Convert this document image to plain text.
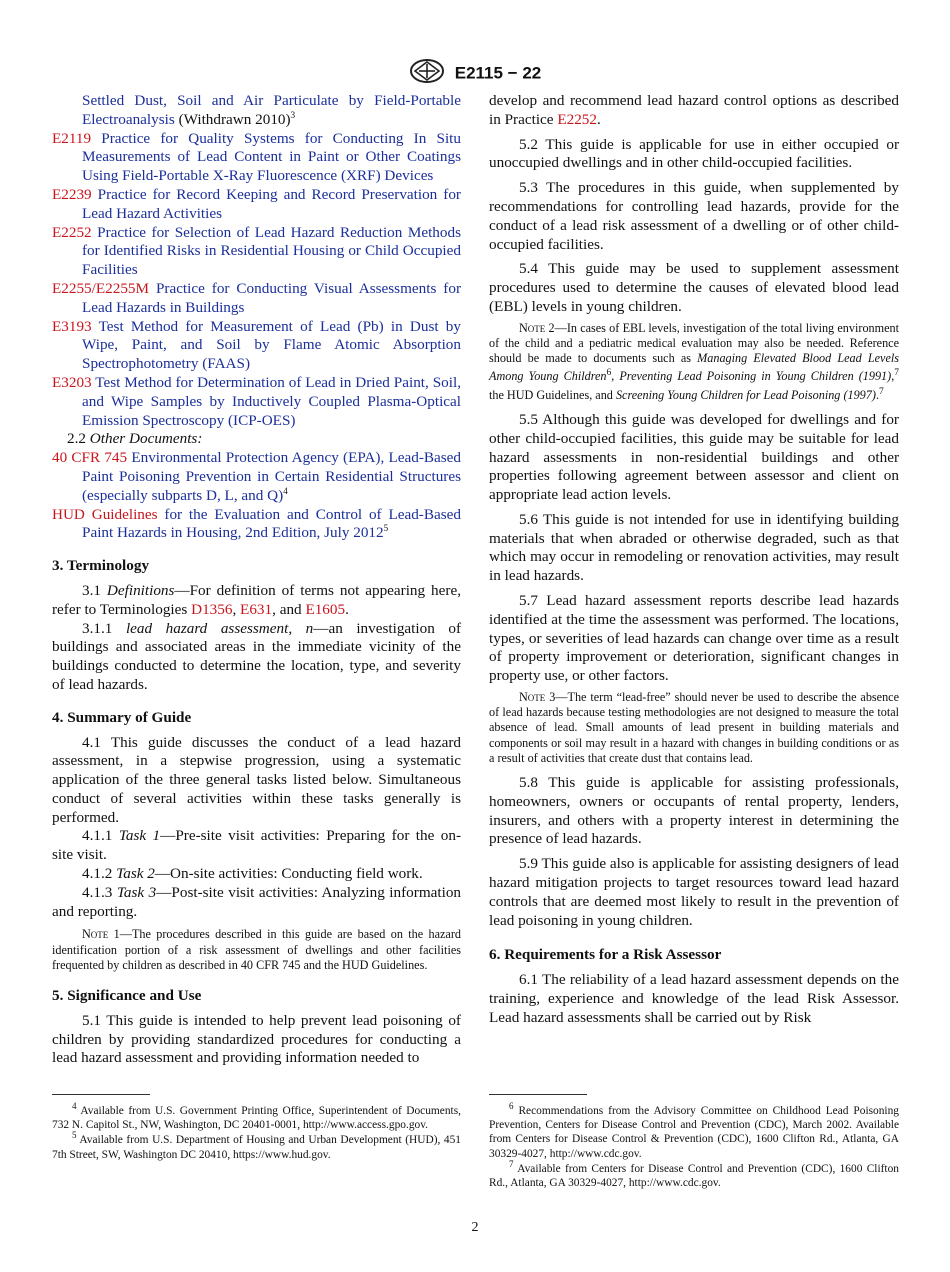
E2115 − 22

Settled Dust, Soil and Air Particulate by Field-Portable Electroanalysis (Withdrawn 2010)$^3$

E2119 Practice for Quality Systems for Conducting In Situ Measurements of Lead Content in Paint or Other Coatings Using Field-Portable X-Ray Fluorescence (XRF) Devices

E2239 Practice for Record Keeping and Record Preservation for Lead Hazard Activities

E2252 Practice for Selection of Lead Hazard Reduction Methods for Identified Risks in Residential Housing or Child Occupied Facilities

E2255/E2255M Practice for Conducting Visual Assessments for Lead Hazards in Buildings

E3193 Test Method for Measurement of Lead (Pb) in Dust by Wipe, Paint, and Soil by Flame Atomic Absorption Spectrophotometry (FAAS)

E3203 Test Method for Determination of Lead in Dried Paint, Soil, and Wipe Samples by Inductively Coupled Plasma-Optical Emission Spectroscopy (ICP-OES)

2.2 Other Documents:

40 CFR 745 Environmental Protection Agency (EPA), Lead-Based Paint Poisoning Prevention in Certain Residential Structures (especially subparts D, L, and Q)$^4$

HUD Guidelines for the Evaluation and Control of Lead-Based Paint Hazards in Housing, 2nd Edition, July 2012$^5$

3. Terminology

3.1 Definitions—For definition of terms not appearing here, refer to Terminologies D1356, E631, and E1605.

3.1.1 lead hazard assessment, n—an investigation of buildings and associated areas in the immediate vicinity of the buildings conducted to determine the location, type, and severity of lead hazards.

4. Summary of Guide

4.1 This guide discusses the conduct of a lead hazard assessment, in a stepwise progression, using a systematic application of the three general tasks listed below. Simultaneous conduct of several activities within these tasks generally is performed.

4.1.1 Task 1—Pre-site visit activities: Preparing for the on-site visit.

4.1.2 Task 2—On-site activities: Conducting field work.

4.1.3 Task 3—Post-site visit activities: Analyzing information and reporting.

Note 1—The procedures described in this guide are based on the hazard identification portion of a risk assessment of dwellings and other facilities frequented by children as described in 40 CFR 745 and the HUD Guidelines.

5. Significance and Use

5.1 This guide is intended to help prevent lead poisoning of children by providing standardized procedures for conducting a lead hazard assessment and providing information needed to

develop and recommend lead hazard control options as described in Practice E2252.

5.2 This guide is applicable for use in either occupied or unoccupied dwellings and in other child-occupied facilities.

5.3 The procedures in this guide, when supplemented by recommendations for controlling lead hazards, provide for the conduct of a lead risk assessment of a dwelling or of other child-occupied facilities.

5.4 This guide may be used to supplement assessment procedures used to determine the causes of elevated blood lead (EBL) levels in young children.

Note 2—In cases of EBL levels, investigation of the total living environment of the child and a pediatric medical evaluation may also be needed. Reference should be made to documents such as Managing Elevated Blood Lead Levels Among Young Children$^6$, Preventing Lead Poisoning in Young Children (1991),$^7$ the HUD Guidelines, and Screening Young Children for Lead Poisoning (1997).$^7$

5.5 Although this guide was developed for dwellings and for other child-occupied facilities, this guide may be suitable for lead hazard assessments in non-residential buildings and other properties following agreement between assessor and client on appropriate lead action levels.

5.6 This guide is not intended for use in identifying building materials that when abraded or otherwise degraded, such as that which may occur in remodeling or renovation activities, may result in lead hazards.

5.7 Lead hazard assessment reports describe lead hazards identified at the time the assessment was performed. The locations, types, or severities of lead hazards can change over time as a result of property improvement or deterioration, significant changes in property use, or other factors.

Note 3—The term “lead-free” should never be used to describe the absence of lead hazards because testing methodologies are not designed to measure the total absence of lead. Small amounts of lead present in building materials and components or soil may result in a hazard with changes in building conditions or as a result of activities that create dust that contains lead.

5.8 This guide is applicable for assisting professionals, homeowners, owners or occupants of rental property, lenders, insurers, and others with a property interest in determining the presence of lead hazards.

5.9 This guide also is applicable for assisting designers of lead hazard mitigation projects to target resources toward lead hazard controls that are deemed most likely to result in the prevention of lead poisoning in young children.

6. Requirements for a Risk Assessor

6.1 The reliability of a lead hazard assessment depends on the training, experience and knowledge of the lead Risk Assessor. Lead hazard assessments shall be carried out by Risk

$^4$ Available from U.S. Government Printing Office, Superintendent of Documents, 732 N. Capitol St., NW, Washington, DC 20401-0001, http://www.access.gpo.gov.

$^5$ Available from U.S. Department of Housing and Urban Development (HUD), 451 7th Street, SW, Washington DC 20410, https://www.hud.gov.

$^6$ Recommendations from the Advisory Committee on Childhood Lead Poisoning Prevention, Centers for Disease Control and Prevention (CDC), March 2002. Available from Centers for Disease Control & Prevention (CDC), 1600 Clifton Rd., Atlanta, GA 30329-4027, http://www.cdc.gov.

$^7$ Available from Centers for Disease Control and Prevention (CDC), 1600 Clifton Rd., Atlanta, GA 30329-4027, http://www.cdc.gov.

2
